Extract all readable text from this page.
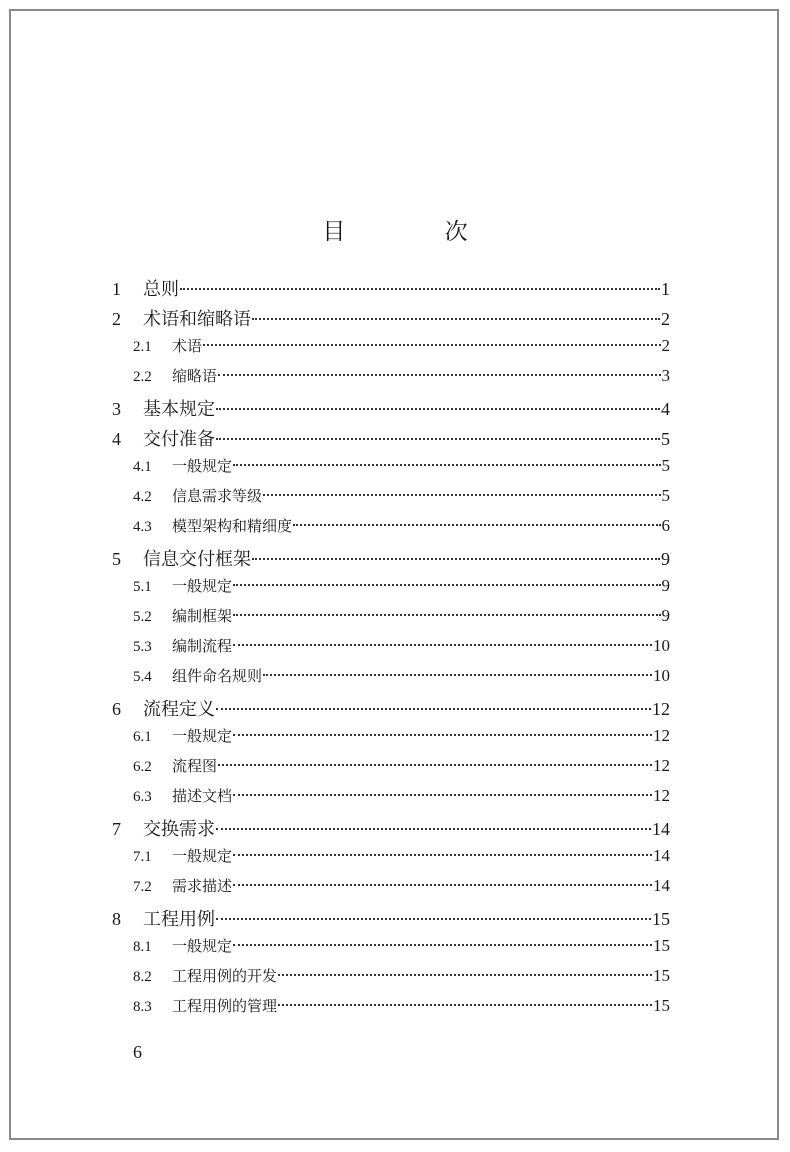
目 次
1	总则	1
2	术语和缩略语	2
2.1	术语	2
2.2	缩略语	3
3	基本规定	4
4	交付准备	5
4.1	一般规定	5
4.2	信息需求等级	5
4.3	模型架构和精细度	6
5	信息交付框架	9
5.1	一般规定	9
5.2	编制框架	9
5.3	编制流程	10
5.4	组件命名规则	10
6	流程定义	12
6.1	一般规定	12
6.2	流程图	12
6.3	描述文档	12
7	交换需求	14
7.1	一般规定	14
7.2	需求描述	14
8	工程用例	15
8.1	一般规定	15
8.2	工程用例的开发	15
8.3	工程用例的管理	15
6
